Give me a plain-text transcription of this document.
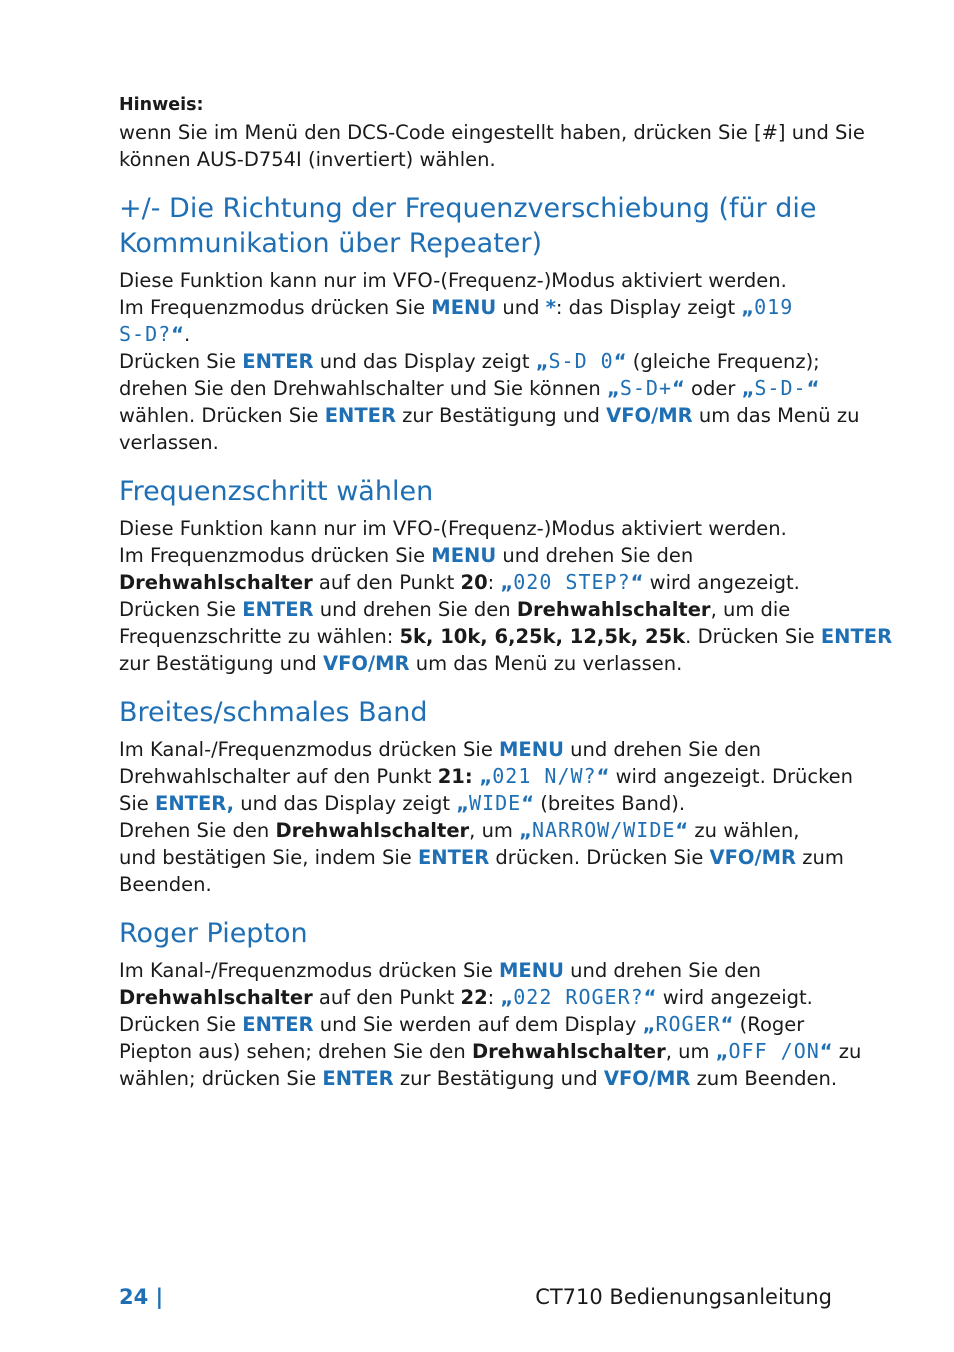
Hinweis:

wenn Sie im Menü den DCS-Code eingestellt haben, drücken Sie [#] und Sie
können AUS-D754I (invertiert) wählen.

+/- Die Richtung der Frequenzverschiebung (für die
Kommunikation über Repeater)

Diese Funktion kann nur im VFO-(Frequenz-)Modus aktiviert werden.
Im Frequenzmodus drücken Sie MENU und *: das Display zeigt „019
S-D?“.
Drücken Sie ENTER und das Display zeigt „S-D 0“ (gleiche Frequenz);
drehen Sie den Drehwahlschalter und Sie können „S-D+“ oder „S-D-“
wählen. Drücken Sie ENTER zur Bestätigung und VFO/MR um das Menü zu
verlassen.

Frequenzschritt wählen

Diese Funktion kann nur im VFO-(Frequenz-)Modus aktiviert werden.
Im Frequenzmodus drücken Sie MENU und drehen Sie den
Drehwahlschalter auf den Punkt 20: „020 STEP?“ wird angezeigt.
Drücken Sie ENTER und drehen Sie den Drehwahlschalter, um die
Frequenzschritte zu wählen: 5k, 10k, 6,25k, 12,5k, 25k. Drücken Sie ENTER
zur Bestätigung und VFO/MR um das Menü zu verlassen.

Breites/schmales Band

Im Kanal-/Frequenzmodus drücken Sie MENU und drehen Sie den
Drehwahlschalter auf den Punkt 21: „021 N/W?“ wird angezeigt. Drücken
Sie ENTER, und das Display zeigt „WIDE“ (breites Band).
Drehen Sie den Drehwahlschalter, um „NARROW/WIDE“ zu wählen,
und bestätigen Sie, indem Sie ENTER drücken. Drücken Sie VFO/MR zum
Beenden.

Roger Piepton

Im Kanal-/Frequenzmodus drücken Sie MENU und drehen Sie den
Drehwahlschalter auf den Punkt 22: „022 ROGER?“ wird angezeigt.
Drücken Sie ENTER und Sie werden auf dem Display „ROGER“ (Roger
Piepton aus) sehen; drehen Sie den Drehwahlschalter, um „OFF /ON“ zu
wählen; drücken Sie ENTER zur Bestätigung und VFO/MR zum Beenden.

24 |	CT710 Bedienungsanleitung
